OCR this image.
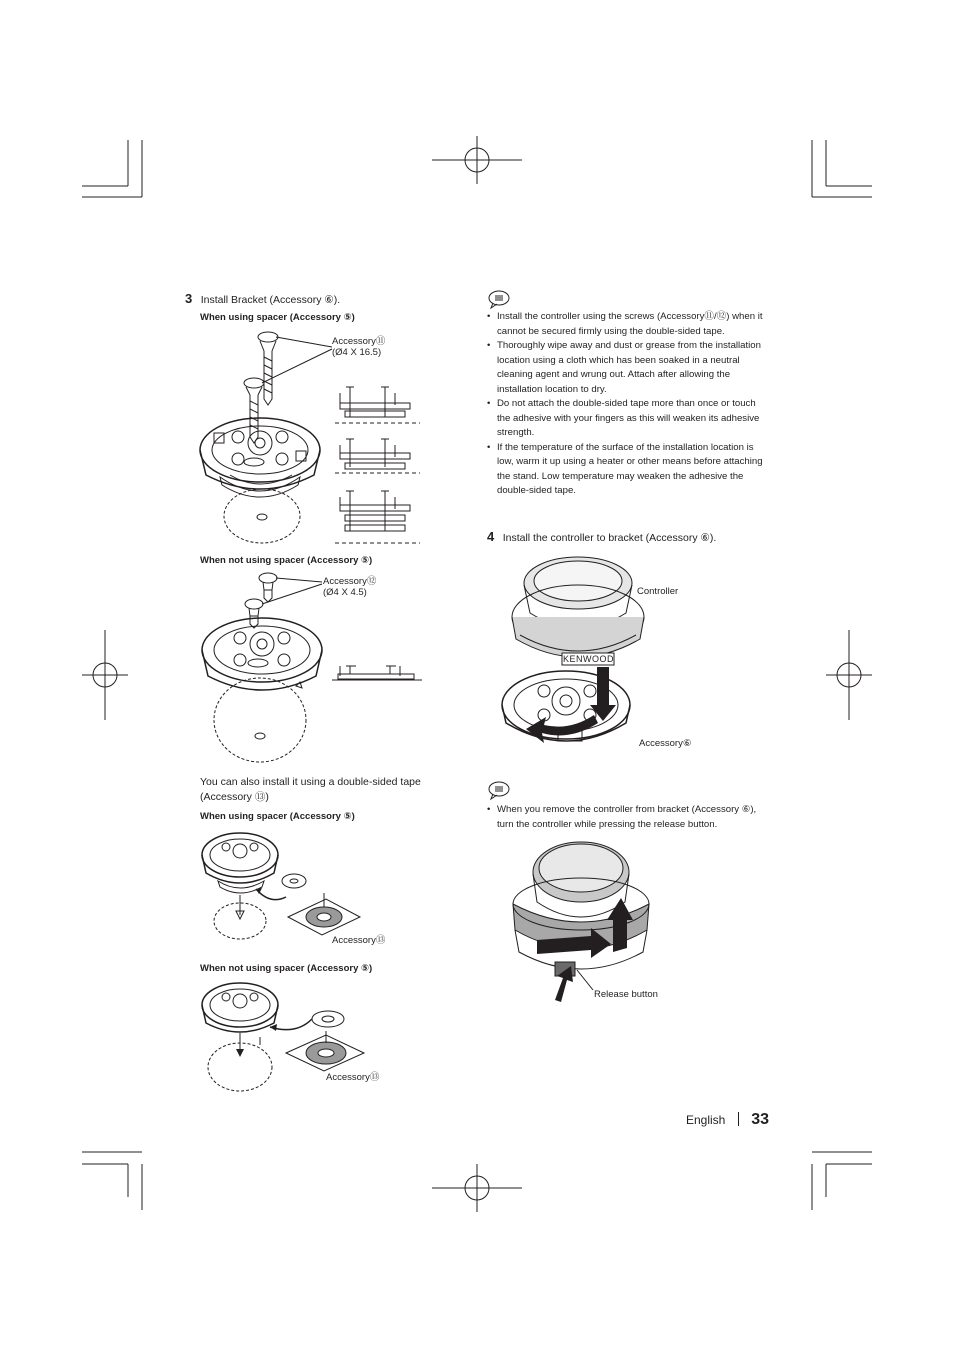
3 Install Bracket (Accessory ⑥).
When using spacer (Accessory ⑤)
Accessory⑪
(Ø4 X 16.5)
When not using spacer (Accessory ⑤)
Accessory⑫
(Ø4 X 4.5)
You can also install it using a double-sided tape (Accessory ⑬)
When using spacer (Accessory ⑤)
Accessory⑬
When not using spacer (Accessory ⑤)
Accessory⑬
• Install the controller using the screws (Accessory⑪/⑫) when it cannot be secured firmly using the double-sided tape.
• Thoroughly wipe away and dust or grease from the installation location using a cloth which has been soaked in a neutral cleaning agent and wrung out. Attach after allowing the installation location to dry.
• Do not attach the double-sided tape more than once or touch the adhesive with your fingers as this will weaken its adhesive strength.
• If the temperature of the surface of the installation location is low, warm it up using a heater or other means before attaching the stand. Low temperature may weaken the adhesive the double-sided tape.
4 Install the controller to bracket (Accessory ⑥).
Controller
KENWOOD
Accessory⑥
• When you remove the controller from bracket (Accessory ⑥), turn the controller while pressing the release button.
Release button
English 33
